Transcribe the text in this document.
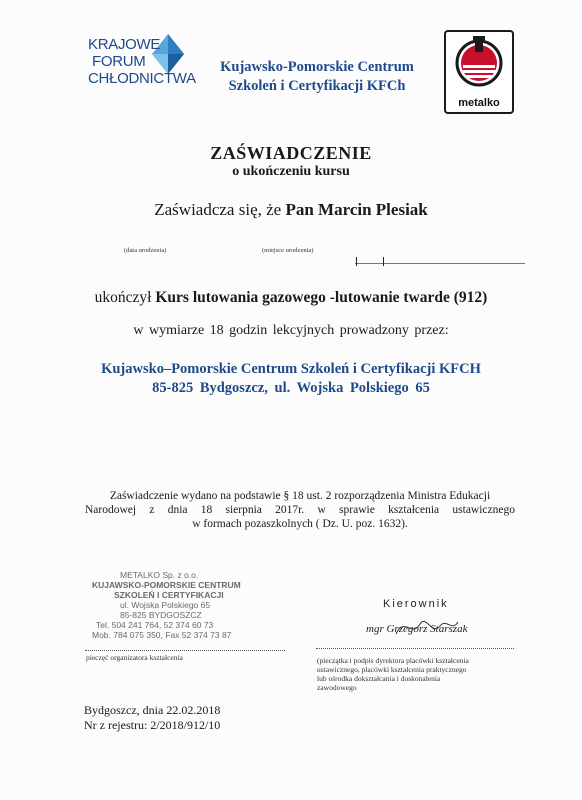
KRAJOWE
FORUM
CHŁODNICTWA
Kujawsko-Pomorskie Centrum
Szkoleń i Certyfikacji KFCh
metalko
ZAŚWIADCZENIE
o ukończeniu kursu
Zaświadcza się, że Pan Marcin Plesiak
(data urodzenia)	(miejsce urodzenia)
ukończył Kurs lutowania gazowego -lutowanie twarde (912)
w wymiarze 18 godzin lekcyjnych prowadzony przez:
Kujawsko–Pomorskie Centrum Szkoleń i Certyfikacji KFCH
85-825 Bydgoszcz, ul. Wojska Polskiego 65
Zaświadczenie wydano na podstawie § 18 ust. 2 rozporządzenia Ministra Edukacji
Narodowej z dnia 18 sierpnia 2017r. w sprawie kształcenia ustawicznego
w formach pozaszkolnych ( Dz. U. poz. 1632).
METALKO Sp. z o.o.
KUJAWSKO-POMORSKIE CENTRUM
SZKOLEŃ I CERTYFIKACJI
ul. Wojska Polskiego 65
85-825 BYDGOSZCZ
Tel. 504 241 764, 52 374 60 73
Mob. 784 075 350, Fax 52 374 73 87
pieczęć organizatora kształcenia
Kierownik
mgr Grzegorz Starszak
(pieczątka i podpis dyrektora placówki kształcenia
ustawicznego, placówki kształcenia praktycznego
lub ośrodka dokształcania i doskonalenia
zawodowego
Bydgoszcz, dnia 22.02.2018
Nr z rejestru: 2/2018/912/10
